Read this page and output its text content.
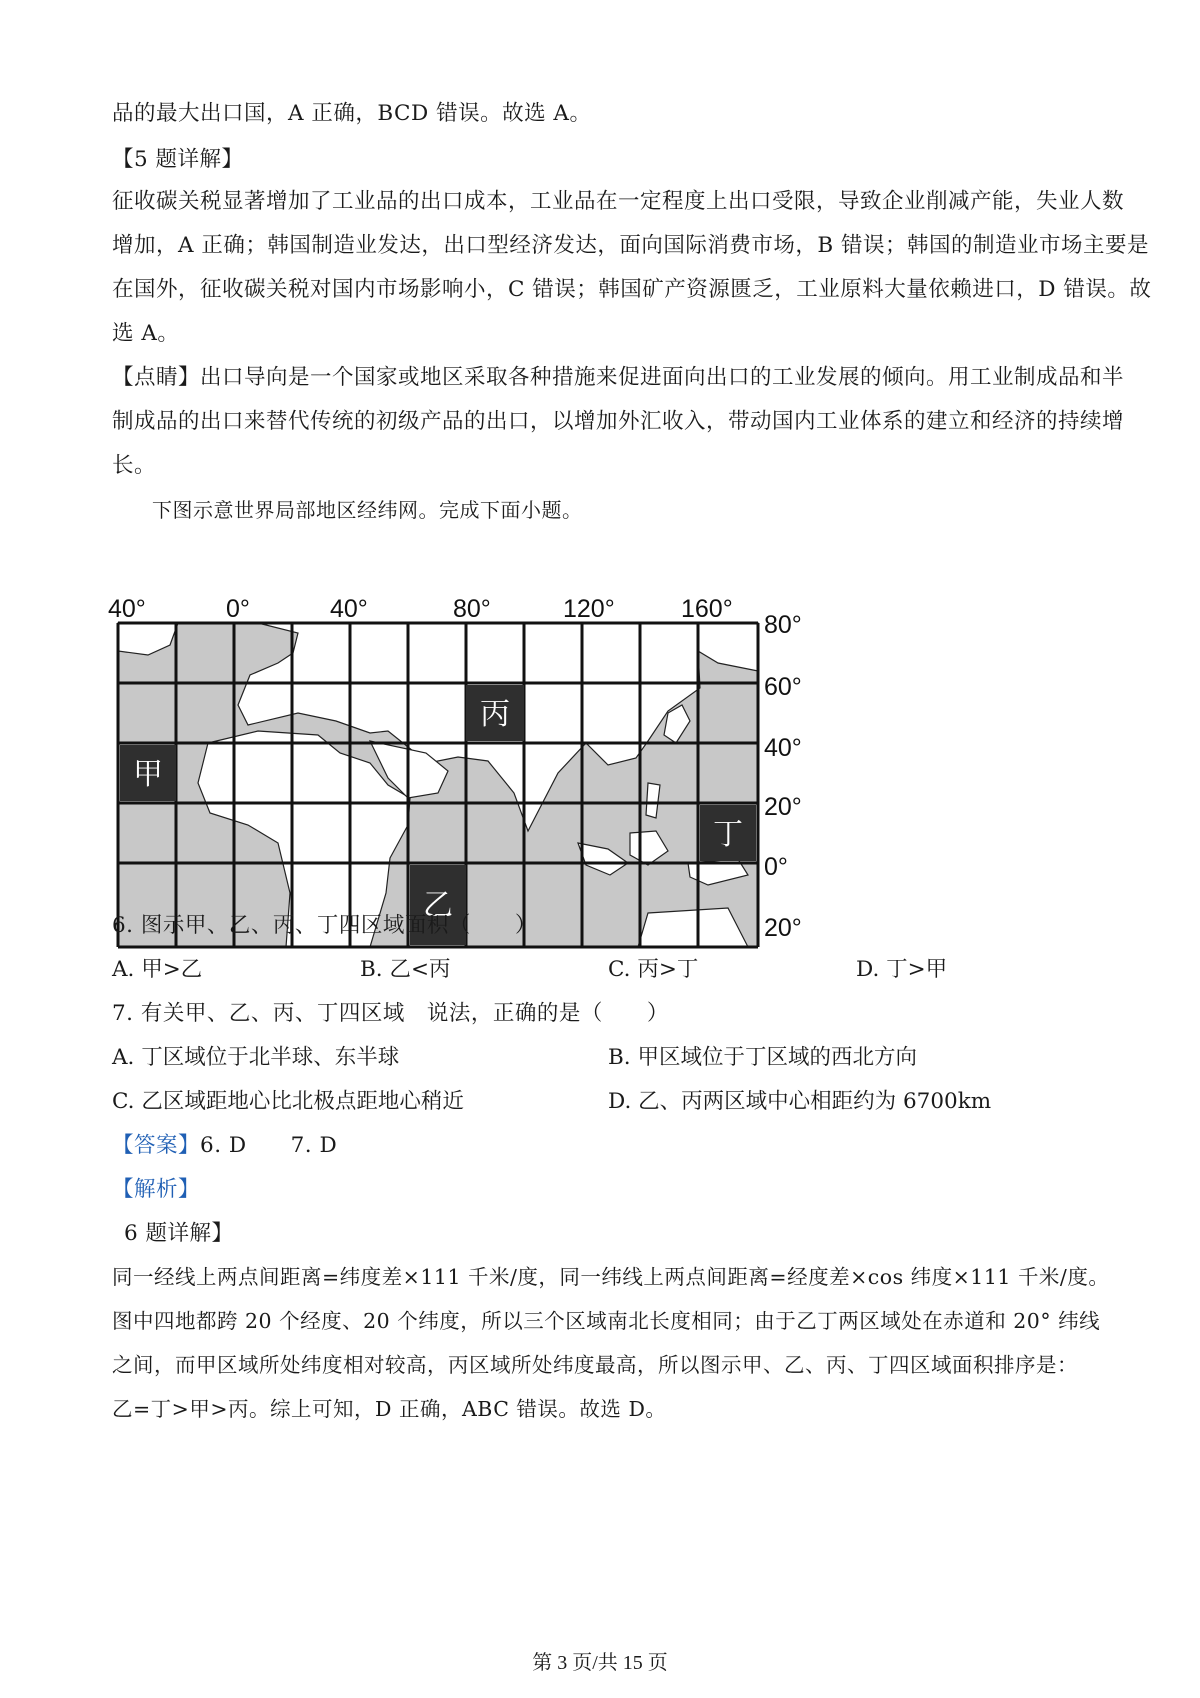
品的最大出口国，A 正确，BCD 错误。故选 A。
【5 题详解】
征收碳关税显著增加了工业品的出口成本，工业品在一定程度上出口受限，导致企业削减产能，失业人数
增加，A 正确；韩国制造业发达，出口型经济发达，面向国际消费市场，B 错误；韩国的制造业市场主要是
在国外，征收碳关税对国内市场影响小，C 错误；韩国矿产资源匮乏，工业原料大量依赖进口，D 错误。故
选 A。
【点睛】出口导向是一个国家或地区采取各种措施来促进面向出口的工业发展的倾向。用工业制成品和半
制成品的出口来替代传统的初级产品的出口，以增加外汇收入，带动国内工业体系的建立和经济的持续增
长。
下图示意世界局部地区经纬网。完成下面小题。
40°	0°	40°	80°	120°	160°
80°
60°
40°
20°
0°
20°
甲
乙
丙
丁
6. 图示甲、乙、丙、丁四区域面积（　　）
A. 甲>乙	B. 乙<丙	C. 丙>丁	D. 丁>甲
7. 有关甲、乙、丙、丁四区域　说法，正确的是（　　）
A. 丁区域位于北半球、东半球	B. 甲区域位于丁区域的西北方向
C. 乙区域距地心比北极点距地心稍近	D. 乙、丙两区域中心相距约为 6700km
【答案】6. D　　7. D
【解析】
6 题详解】
同一经线上两点间距离=纬度差×111 千米/度，同一纬线上两点间距离=经度差×cos 纬度×111 千米/度。
图中四地都跨 20 个经度、20 个纬度，所以三个区域南北长度相同；由于乙丁两区域处在赤道和 20° 纬线
之间，而甲区域所处纬度相对较高，丙区域所处纬度最高，所以图示甲、乙、丙、丁四区域面积排序是：
乙=丁>甲>丙。综上可知，D 正确，ABC 错误。故选 D。
第 3 页/共 15 页
